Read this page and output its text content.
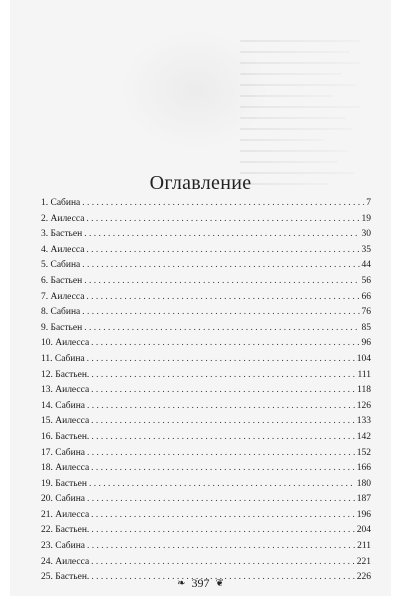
Оглавление
1. Сабина . . .	7
2. Аилесса . . .	19
3. Бастьен . . .	30
4. Аилесса . . .	35
5. Сабина . . .	44
6. Бастьен . . .	56
7. Аилесса . . .	66
8. Сабина . . .	76
9. Бастьен . . .	85
10. Аилесса . . .	96
11. Сабина . . .	104
12. Бастьен. . . .	111
13. Аилесса . . .	118
14. Сабина . . .	126
15. Аилесса . . .	133
16. Бастьен. . . .	142
17. Сабина . . .	152
18. Аилесса . . .	166
19. Бастьен . . .	180
20. Сабина . . .	187
21. Аилесса . . .	196
22. Бастьен. . . .	204
23. Сабина . . .	211
24. Аилесса . . .	221
25. Бастьен. . . .	226
❧ 397 ❦
